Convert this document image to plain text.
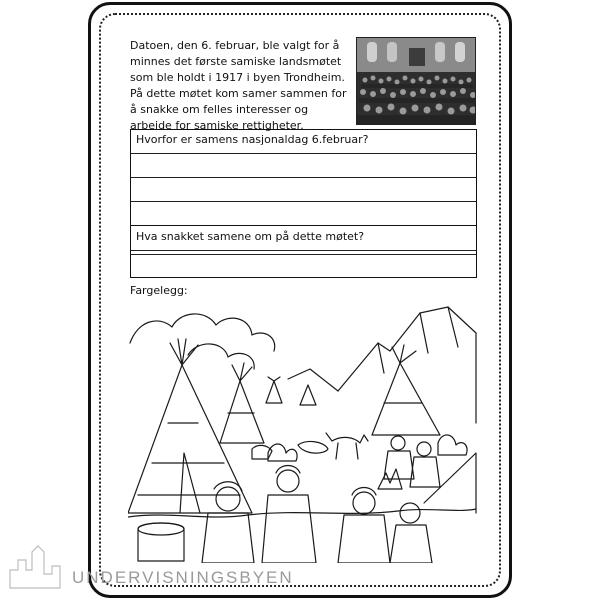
Datoen, den 6. februar, ble valgt for å
minnes det første samiske landsmøtet
som ble holdt i 1917 i byen Trondheim.
På dette møtet kom samer sammen for
å snakke om felles interesser og
arbeide for samiske rettigheter.
Hvorfor er samens nasjonaldag 6.februar?
Hva snakket samene om på dette møtet?
Fargelegg:
UNDERVISNINGSBYEN
